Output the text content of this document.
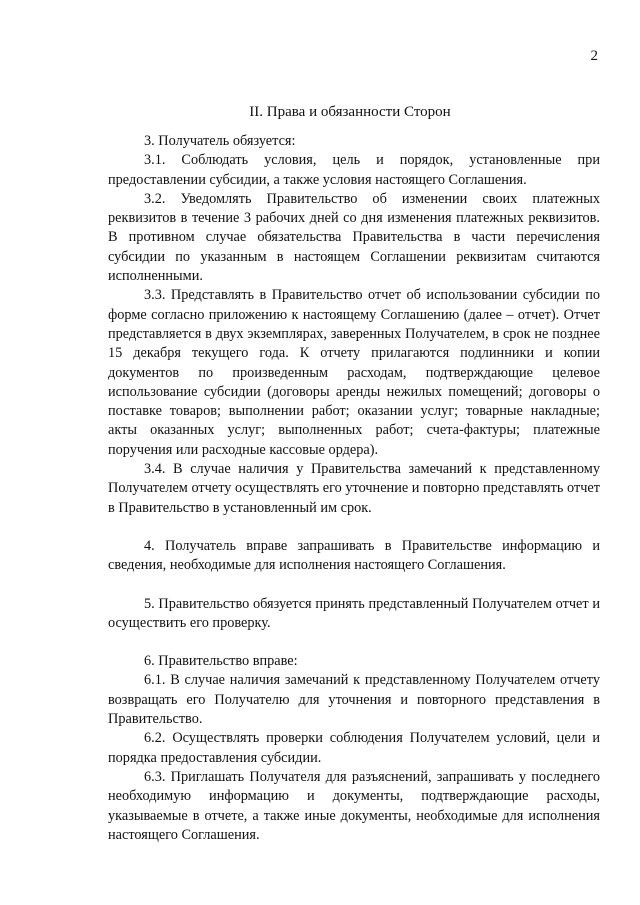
2
II. Права и обязанности Сторон

3. Получатель обязуется:

3.1. Соблюдать условия, цель и порядок, установленные при предоставлении субсидии, а также условия настоящего Соглашения.

3.2. Уведомлять Правительство об изменении своих платежных реквизитов в течение 3 рабочих дней со дня изменения платежных реквизитов. В противном случае обязательства Правительства в части перечисления субсидии по указанным в настоящем Соглашении реквизитам считаются исполненными.

3.3. Представлять в Правительство отчет об использовании субсидии по форме согласно приложению к настоящему Соглашению (далее – отчет). Отчет представляется в двух экземплярах, заверенных Получателем, в срок не позднее 15 декабря текущего года. К отчету прилагаются подлинники и копии документов по произведенным расходам, подтверждающие целевое использование субсидии (договоры аренды нежилых помещений; договоры о поставке товаров; выполнении работ; оказании услуг; товарные накладные; акты оказанных услуг; выполненных работ; счета-фактуры; платежные поручения или расходные кассовые ордера).

3.4. В случае наличия у Правительства замечаний к представленному Получателем отчету осуществлять его уточнение и повторно представлять отчет в Правительство в установленный им срок.

4. Получатель вправе запрашивать в Правительстве информацию и сведения, необходимые для исполнения настоящего Соглашения.

5. Правительство обязуется принять представленный Получателем отчет и осуществить его проверку.

6. Правительство вправе:

6.1. В случае наличия замечаний к представленному Получателем отчету возвращать его Получателю для уточнения и повторного представления в Правительство.

6.2. Осуществлять проверки соблюдения Получателем условий, цели и порядка предоставления субсидии.

6.3. Приглашать Получателя для разъяснений, запрашивать у последнего необходимую информацию и документы, подтверждающие расходы, указываемые в отчете, а также иные документы, необходимые для исполнения настоящего Соглашения.
